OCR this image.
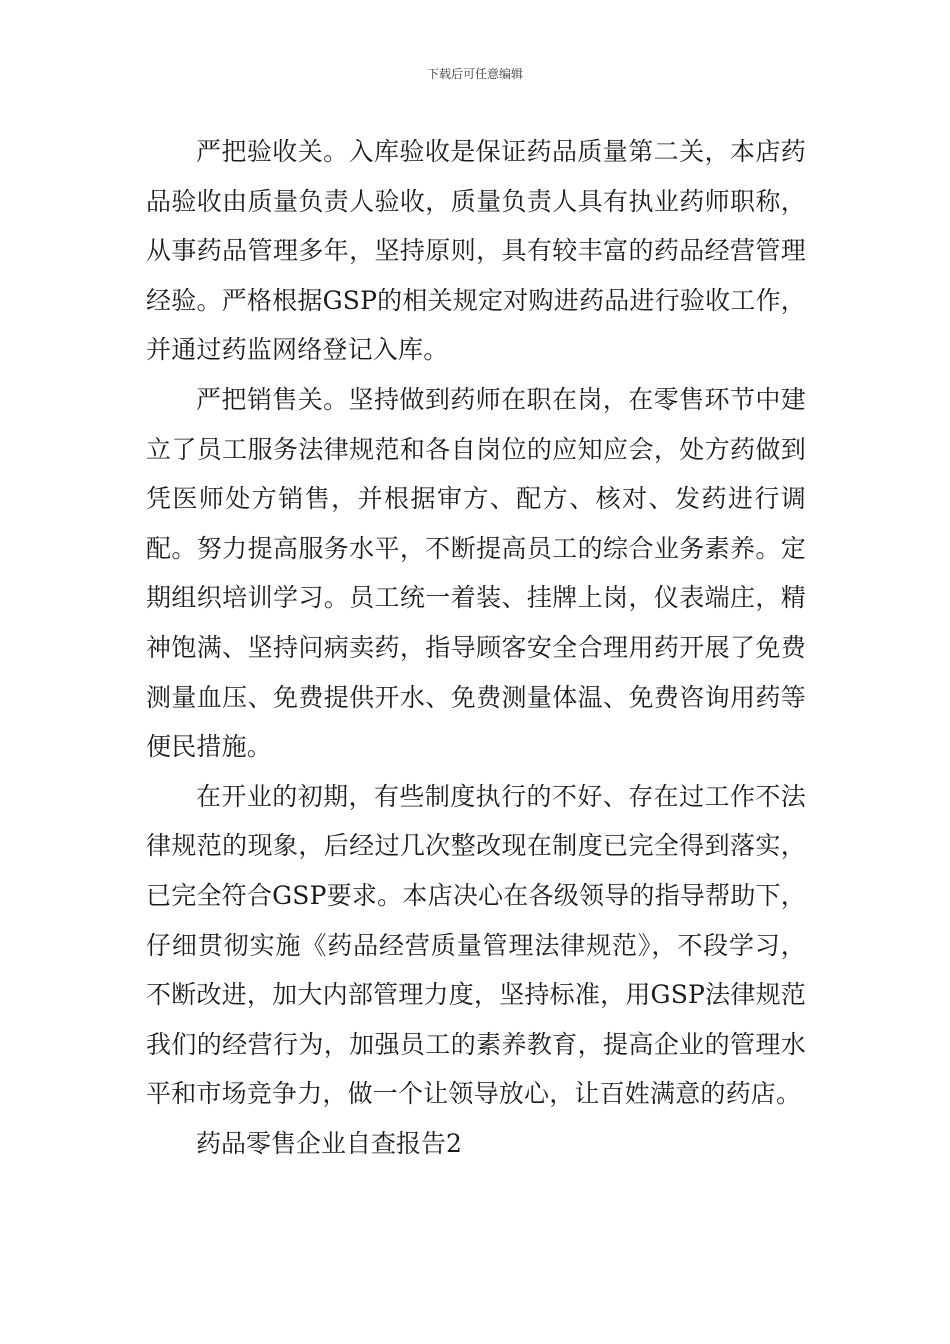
下载后可任意编辑

严把验收关。入库验收是保证药品质量第二关，本店药品验收由质量负责人验收，质量负责人具有执业药师职称，从事药品管理多年，坚持原则，具有较丰富的药品经营管理经验。严格根据GSP的相关规定对购进药品进行验收工作，并通过药监网络登记入库。

严把销售关。坚持做到药师在职在岗，在零售环节中建立了员工服务法律规范和各自岗位的应知应会，处方药做到凭医师处方销售，并根据审方、配方、核对、发药进行调配。努力提高服务水平，不断提高员工的综合业务素养。定期组织培训学习。员工统一着装、挂牌上岗，仪表端庄，精神饱满、坚持问病卖药，指导顾客安全合理用药开展了免费测量血压、免费提供开水、免费测量体温、免费咨询用药等便民措施。

在开业的初期，有些制度执行的不好、存在过工作不法律规范的现象，后经过几次整改现在制度已完全得到落实，已完全符合GSP要求。本店决心在各级领导的指导帮助下，仔细贯彻实施《药品经营质量管理法律规范》，不段学习，不断改进，加大内部管理力度，坚持标准，用GSP法律规范我们的经营行为，加强员工的素养教育，提高企业的管理水平和市场竞争力，做一个让领导放心，让百姓满意的药店。

药品零售企业自查报告2
